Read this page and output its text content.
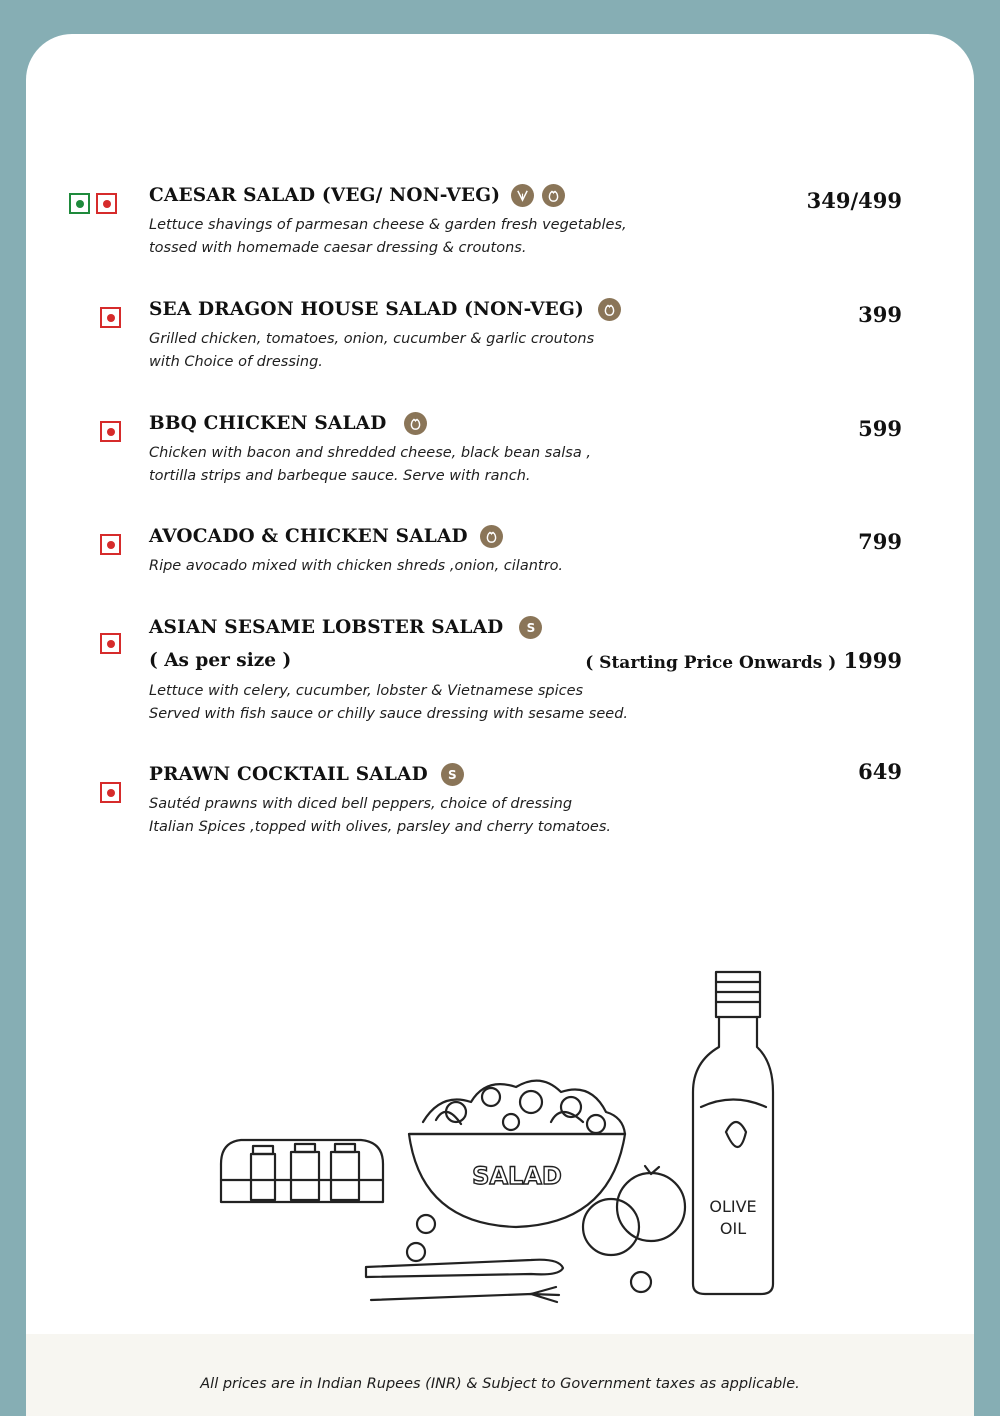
CAESAR SALAD (VEG/ NON-VEG)	349/499
Lettuce shavings of parmesan cheese & garden fresh vegetables,
tossed with homemade caesar dressing & croutons.
SEA DRAGON HOUSE SALAD (NON-VEG)	399
Grilled chicken, tomatoes, onion, cucumber & garlic croutons
with Choice of dressing.
BBQ CHICKEN SALAD	599
Chicken with bacon and shredded cheese, black bean salsa ,
tortilla strips and barbeque sauce. Serve with ranch.
AVOCADO & CHICKEN SALAD	799
Ripe avocado mixed with chicken shreds ,onion, cilantro.
ASIAN SESAME LOBSTER SALAD	S
( As per size )	( Starting Price Onwards ) 1999
Lettuce with celery, cucumber, lobster & Vietnamese spices
Served with fish sauce or chilly sauce dressing with sesame seed.
PRAWN COCKTAIL SALAD	S	649
Sautéd prawns with diced bell peppers, choice of dressing
Italian Spices ,topped with olives, parsley and cherry tomatoes.
SALAD
OLIVE
OIL
All prices are in Indian Rupees (INR) & Subject to Government taxes as applicable.
